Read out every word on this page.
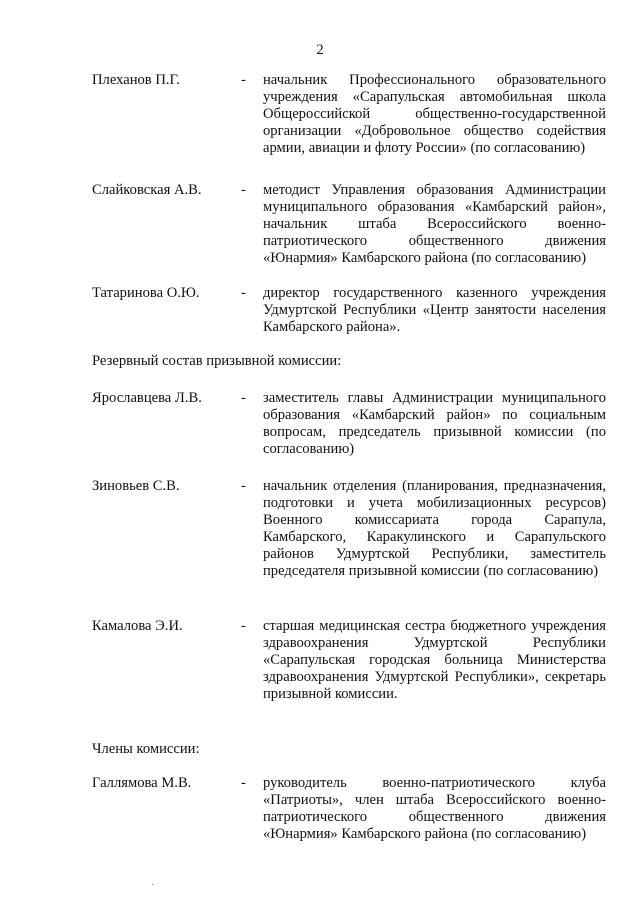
2
Плеханов П.Г.	- начальник Профессионального образовательного учреждения «Сарапульская автомобильная школа Общероссийской общественно-государственной организации «Добровольное общество содействия армии, авиации и флоту России» (по согласованию)
Слайковская А.В.	- методист Управления образования Администрации муниципального образования «Камбарский район», начальник штаба Всероссийского военно-патриотического общественного движения «Юнармия» Камбарского района (по согласованию)
Татаринова О.Ю.	- директор государственного казенного учреждения Удмуртской Республики «Центр занятости населения Камбарского района».
Резервный состав призывной комиссии:
Ярославцева Л.В.	- заместитель главы Администрации муниципального образования «Камбарский район» по социальным вопросам, председатель призывной комиссии (по согласованию)
Зиновьев С.В.	- начальник отделения (планирования, предназначения, подготовки и учета мобилизационных ресурсов) Военного комиссариата города Сарапула, Камбарского, Каракулинского и Сарапульского районов Удмуртской Республики, заместитель председателя призывной комиссии (по согласованию)
Камалова Э.И.	- старшая медицинская сестра бюджетного учреждения здравоохранения Удмуртской Республики «Сарапульская городская больница Министерства здравоохранения Удмуртской Республики», секретарь призывной комиссии.
Члены комиссии:
Галлямова М.В.	- руководитель военно-патриотического клуба «Патриоты», член штаба Всероссийского военно-патриотического общественного движения «Юнармия» Камбарского района (по согласованию)
